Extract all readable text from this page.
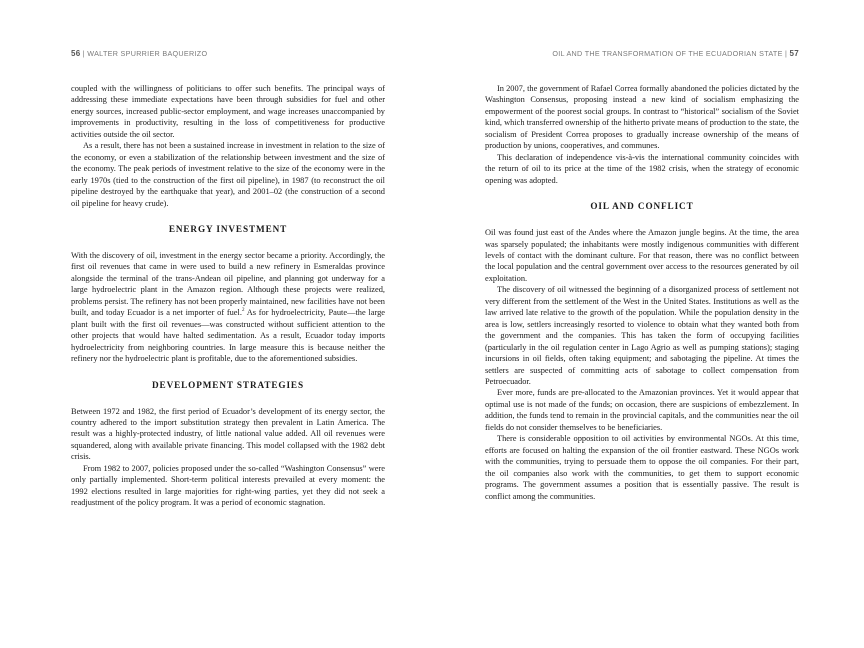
56 | WALTER SPURRIER BAQUERIZO

coupled with the willingness of politicians to offer such benefits. The principal ways of addressing these immediate expectations have been through subsidies for fuel and other energy sources, increased public-sector employment, and wage increases unaccompanied by improvements in productivity, resulting in the loss of competitiveness for productive activities outside the oil sector.

As a result, there has not been a sustained increase in investment in relation to the size of the economy, or even a stabilization of the relationship between investment and the size of the economy. The peak periods of investment relative to the size of the economy were in the early 1970s (tied to the construction of the first oil pipeline), in 1987 (to reconstruct the oil pipeline destroyed by the earthquake that year), and 2001–02 (the construction of a second oil pipeline for heavy crude).

ENERGY INVESTMENT

With the discovery of oil, investment in the energy sector became a priority. Accordingly, the first oil revenues that came in were used to build a new refinery in Esmeraldas province alongside the terminal of the trans-Andean oil pipeline, and planning got underway for a large hydroelectric plant in the Amazon region. Although these projects were realized, problems persist. The refinery has not been properly maintained, new facilities have not been built, and today Ecuador is a net importer of fuel.$^2$ As for hydroelectricity, Paute—the large plant built with the first oil revenues—was constructed without sufficient attention to the other projects that would have halted sedimentation. As a result, Ecuador today imports hydroelectricity from neighboring countries. In large measure this is because neither the refinery nor the hydroelectric plant is profitable, due to the aforementioned subsidies.

DEVELOPMENT STRATEGIES

Between 1972 and 1982, the first period of Ecuador’s development of its energy sector, the country adhered to the import substitution strategy then prevalent in Latin America. The result was a highly-protected industry, of little national value added. All oil revenues were squandered, along with available private financing. This model collapsed with the 1982 debt crisis.

From 1982 to 2007, policies proposed under the so-called “Washington Consensus” were only partially implemented. Short-term political interests prevailed at every moment: the 1992 elections resulted in large majorities for right-wing parties, yet they did not seek a readjustment of the policy program. It was a period of economic stagnation.

OIL AND THE TRANSFORMATION OF THE ECUADORIAN STATE | 57

In 2007, the government of Rafael Correa formally abandoned the policies dictated by the Washington Consensus, proposing instead a new kind of socialism emphasizing the empowerment of the poorest social groups. In contrast to “historical” socialism of the Soviet kind, which transferred ownership of the hitherto private means of production to the state, the socialism of President Correa proposes to gradually increase ownership of the means of production by unions, cooperatives, and communes.

This declaration of independence vis-à-vis the international community coincides with the return of oil to its price at the time of the 1982 crisis, when the strategy of economic opening was adopted.

OIL AND CONFLICT

Oil was found just east of the Andes where the Amazon jungle begins. At the time, the area was sparsely populated; the inhabitants were mostly indigenous communities with different levels of contact with the dominant culture. For that reason, there was no conflict between the local population and the central government over access to the resources generated by oil exploitation.

The discovery of oil witnessed the beginning of a disorganized process of settlement not very different from the settlement of the West in the United States. Institutions as well as the law arrived late relative to the growth of the population. While the population density in the area is low, settlers increasingly resorted to violence to obtain what they wanted both from the government and the companies. This has taken the form of occupying facilities (particularly in the oil regulation center in Lago Agrio as well as pumping stations); staging incursions in oil fields, often taking equipment; and sabotaging the pipeline. At times the settlers are suspected of committing acts of sabotage to collect compensation from Petroecuador.

Ever more, funds are pre-allocated to the Amazonian provinces. Yet it would appear that optimal use is not made of the funds; on occasion, there are suspicions of embezzlement. In addition, the funds tend to remain in the provincial capitals, and the communities near the oil fields do not consider themselves to be beneficiaries.

There is considerable opposition to oil activities by environmental NGOs. At this time, efforts are focused on halting the expansion of the oil frontier eastward. These NGOs work with the communities, trying to persuade them to oppose the oil companies. For their part, the oil companies also work with the communities, to get them to support economic programs. The government assumes a position that is essentially passive. The result is conflict among the communities.
